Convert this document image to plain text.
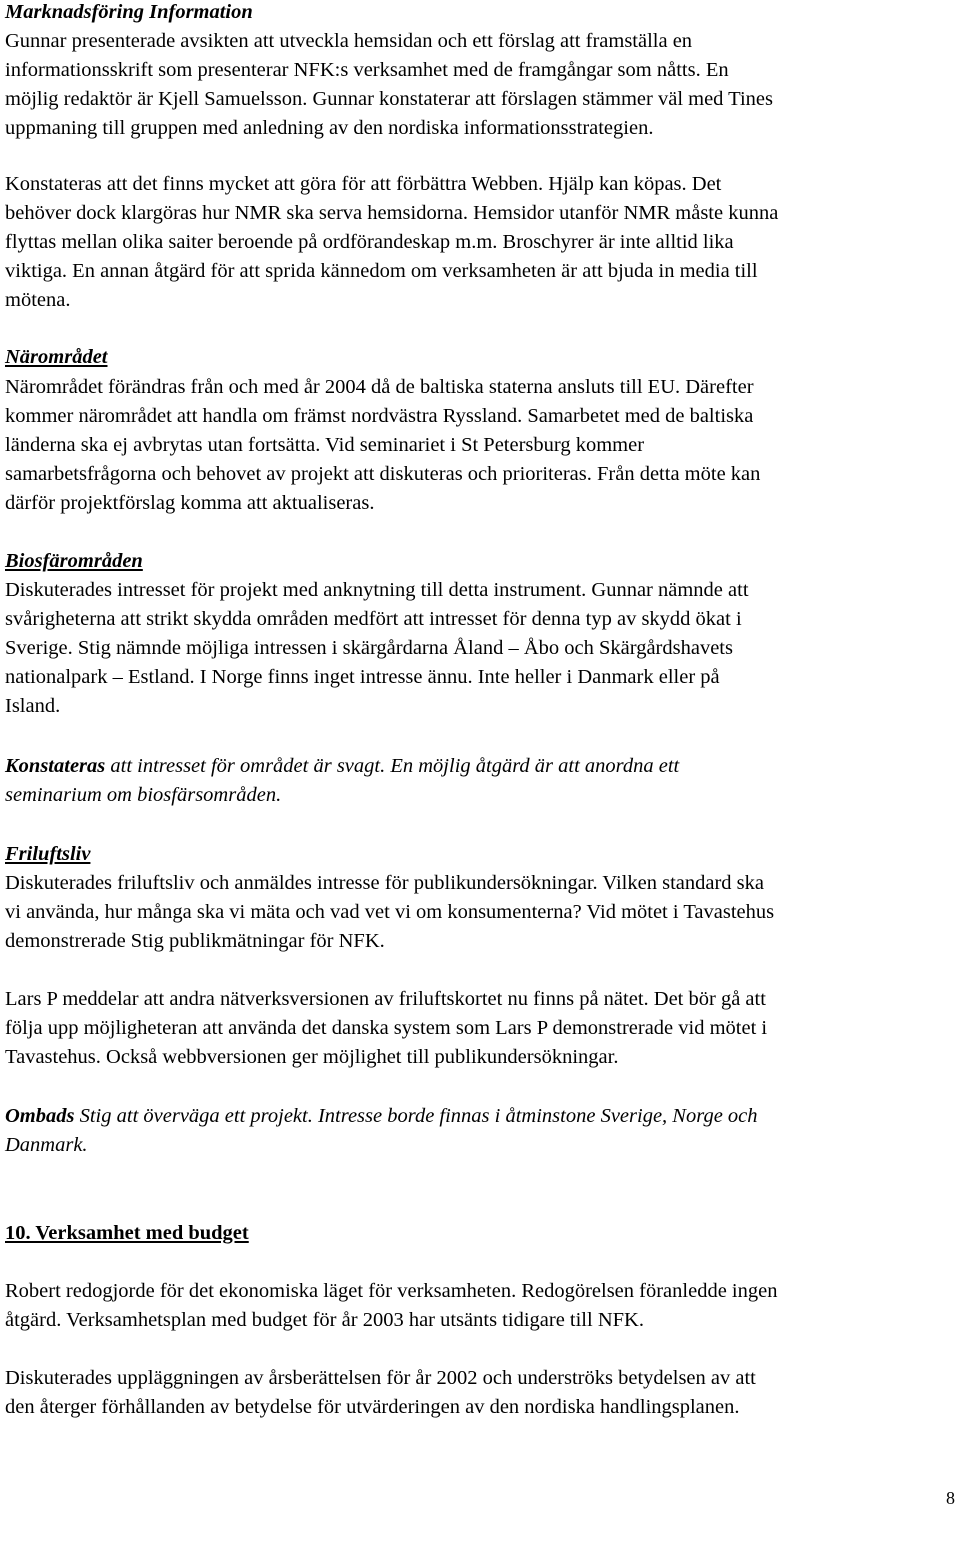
Marknadsföring Information
Gunnar presenterade avsikten att utveckla hemsidan och ett förslag att framställa en
informationsskrift som presenterar NFK:s verksamhet med de framgångar som nåtts. En
möjlig redaktör är Kjell Samuelsson. Gunnar konstaterar att förslagen stämmer väl med Tines
uppmaning till gruppen med anledning av den nordiska informationsstrategien.
Konstateras att det finns mycket att göra för att förbättra Webben. Hjälp kan köpas. Det
behöver dock klargöras hur NMR ska serva hemsidorna. Hemsidor utanför NMR måste kunna
flyttas mellan olika saiter beroende på ordförandeskap m.m. Broschyrer är inte alltid lika
viktiga. En annan åtgärd för att sprida kännedom om verksamheten är att bjuda in media till
mötena.
Närområdet
Närområdet förändras från och med år 2004 då de baltiska staterna ansluts till EU. Därefter
kommer närområdet att handla om främst nordvästra Ryssland. Samarbetet med de baltiska
länderna ska ej avbrytas utan fortsätta. Vid seminariet i St Petersburg kommer
samarbetsfrågorna och behovet av projekt att diskuteras och prioriteras. Från detta möte kan
därför projektförslag komma att aktualiseras.
Biosfärområden
Diskuterades intresset för projekt med anknytning till detta instrument. Gunnar nämnde att
svårigheterna att strikt skydda områden medfört att intresset för denna typ av skydd ökat i
Sverige. Stig nämnde möjliga intressen i skärgårdarna Åland – Åbo och Skärgårdshavets
nationalpark – Estland. I Norge finns inget intresse ännu. Inte heller i Danmark eller på
Island.
Konstateras att intresset för området är svagt. En möjlig åtgärd är att anordna ett
seminarium om biosfärsområden.
Friluftsliv
Diskuterades friluftsliv och anmäldes intresse för publikundersökningar. Vilken standard ska
vi använda, hur många ska vi mäta och vad vet vi om konsumenterna? Vid mötet i Tavastehus
demonstrerade Stig publikmätningar för NFK.
Lars P meddelar att andra nätverksversionen av friluftskortet nu finns på nätet. Det bör gå att
följa upp möjligheteran att använda det danska system som Lars P demonstrerade vid mötet i
Tavastehus. Också webbversionen ger möjlighet till publikundersökningar.
Ombads Stig att överväga ett projekt. Intresse borde finnas i åtminstone Sverige, Norge och
Danmark.
10. Verksamhet med budget
Robert redogjorde för det ekonomiska läget för verksamheten. Redogörelsen föranledde ingen
åtgärd. Verksamhetsplan med budget för år 2003 har utsänts tidigare till NFK.
Diskuterades uppläggningen av årsberättelsen för år 2002 och underströks betydelsen av att
den återger förhållanden av betydelse för utvärderingen av den nordiska handlingsplanen.
8
